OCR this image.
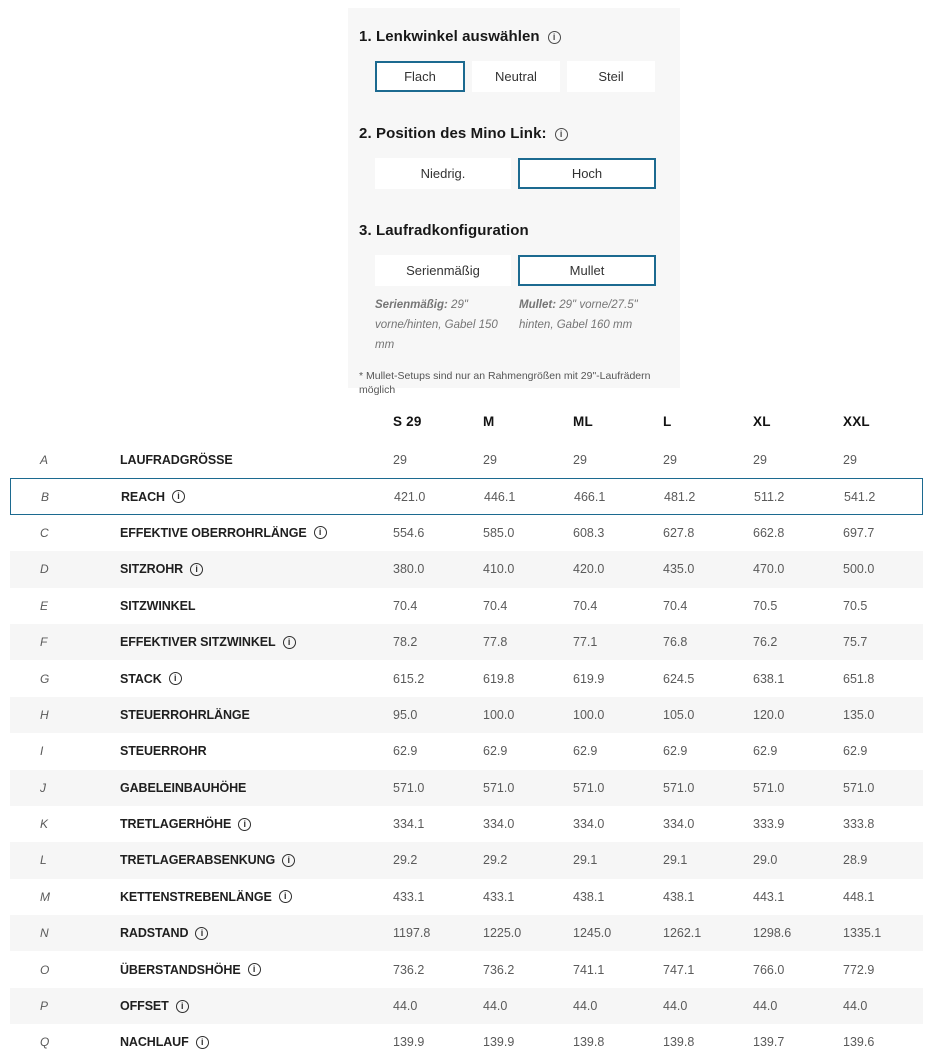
1. Lenkwinkel auswählen	i
Flach	Neutral	Steil
2. Position des Mino Link:	i
Niedrig.	Hoch
3. Laufradkonfiguration
Serienmäßig	Mullet
Serienmäßig: 29" vorne/hinten, Gabel 150 mm
Mullet: 29" vorne/27.5" hinten, Gabel 160 mm
* Mullet-Setups sind nur an Rahmengrößen mit 29"-Laufrädern möglich
S 29	M	ML	L	XL	XXL
A	LAUFRADGRÖSSE	29	29	29	29	29	29
B	REACH	i	421.0	446.1	466.1	481.2	511.2	541.2
C	EFFEKTIVE OBERROHRLÄNGE	i	554.6	585.0	608.3	627.8	662.8	697.7
D	SITZROHR	i	380.0	410.0	420.0	435.0	470.0	500.0
E	SITZWINKEL	70.4	70.4	70.4	70.4	70.5	70.5
F	EFFEKTIVER SITZWINKEL	i	78.2	77.8	77.1	76.8	76.2	75.7
G	STACK	i	615.2	619.8	619.9	624.5	638.1	651.8
H	STEUERROHRLÄNGE	95.0	100.0	100.0	105.0	120.0	135.0
I	STEUERROHR	62.9	62.9	62.9	62.9	62.9	62.9
J	GABELEINBAUHÖHE	571.0	571.0	571.0	571.0	571.0	571.0
K	TRETLAGERHÖHE	i	334.1	334.0	334.0	334.0	333.9	333.8
L	TRETLAGERABSENKUNG	i	29.2	29.2	29.1	29.1	29.0	28.9
M	KETTENSTREBENLÄNGE	i	433.1	433.1	438.1	438.1	443.1	448.1
N	RADSTAND	i	1197.8	1225.0	1245.0	1262.1	1298.6	1335.1
O	ÜBERSTANDSHÖHE	i	736.2	736.2	741.1	747.1	766.0	772.9
P	OFFSET	i	44.0	44.0	44.0	44.0	44.0	44.0
Q	NACHLAUF	i	139.9	139.9	139.8	139.8	139.7	139.6
